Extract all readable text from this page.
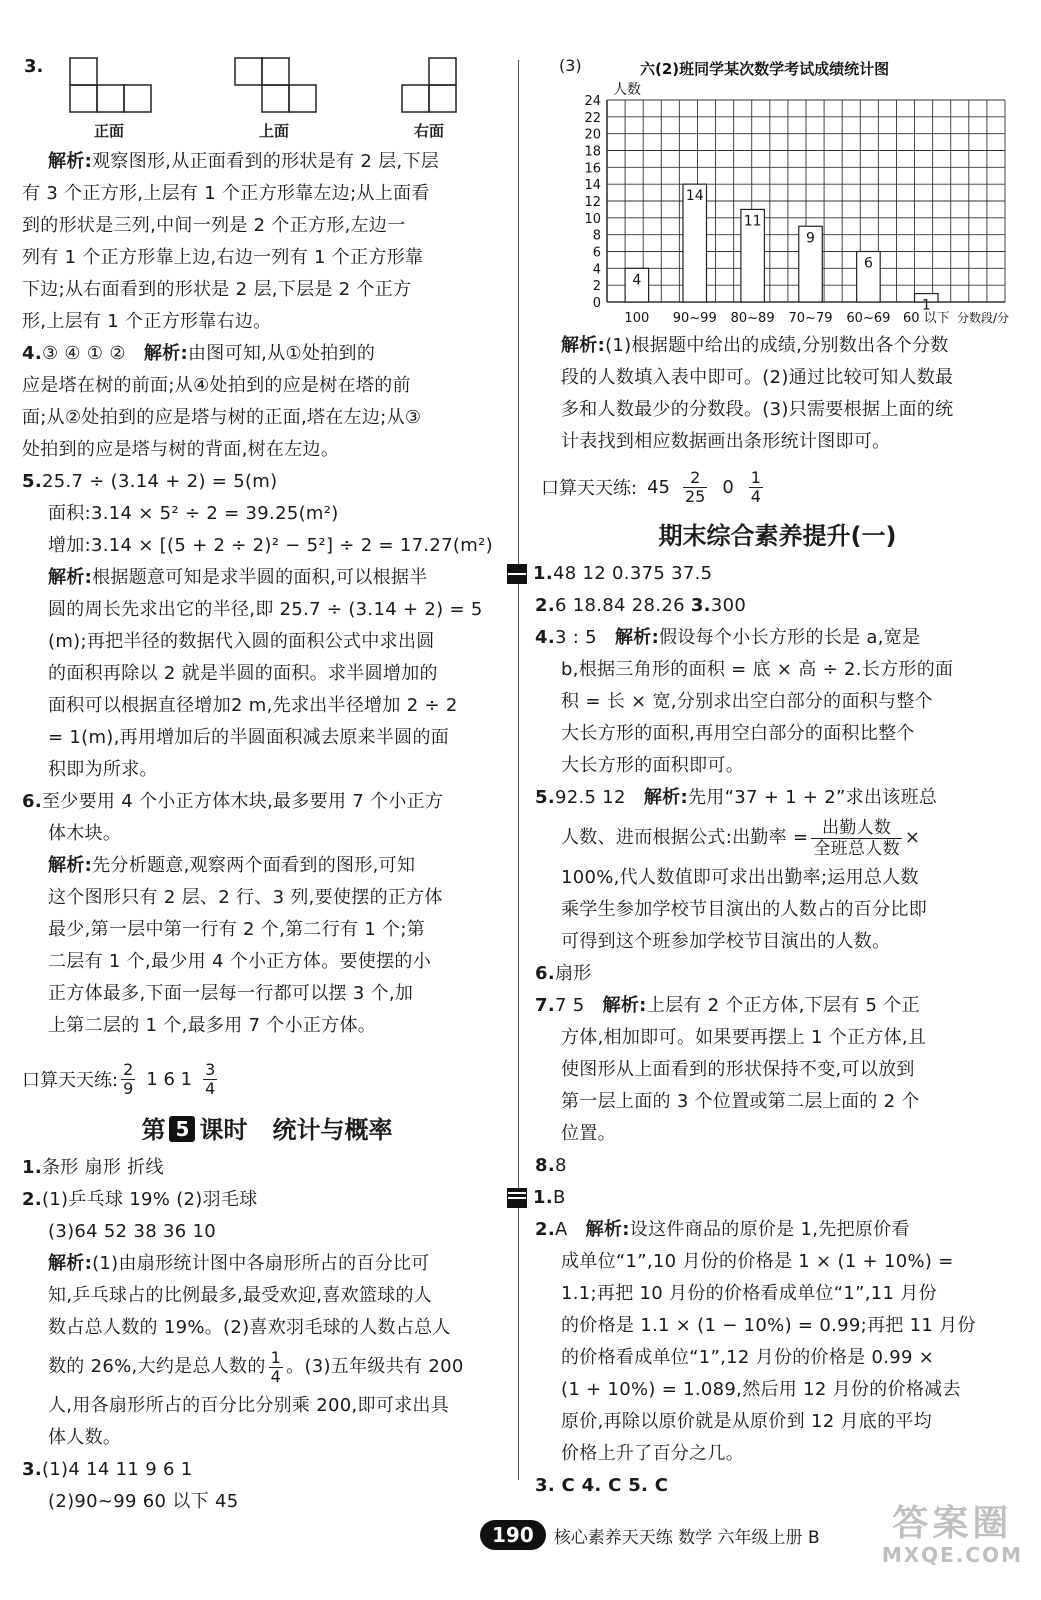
3.
正面	上面	右面
解析:观察图形,从正面看到的形状是有 2 层,下层
有 3 个正方形,上层有 1 个正方形靠左边;从上面看
到的形状是三列,中间一列是 2 个正方形,左边一
列有 1 个正方形靠上边,右边一列有 1 个正方形靠
下边;从右面看到的形状是 2 层,下层是 2 个正方
形,上层有 1 个正方形靠右边。
4.③ ④ ① ② 解析:由图可知,从①处拍到的
应是塔在树的前面;从④处拍到的应是树在塔的前
面;从②处拍到的应是塔与树的正面,塔在左边;从③
处拍到的应是塔与树的背面,树在左边。
5.25.7 ÷ (3.14 + 2) = 5(m)
面积:3.14 × 5² ÷ 2 = 39.25(m²)
增加:3.14 × [(5 + 2 ÷ 2)² − 5²] ÷ 2 = 17.27(m²)
解析:根据题意可知是求半圆的面积,可以根据半
圆的周长先求出它的半径,即 25.7 ÷ (3.14 + 2) = 5
(m);再把半径的数据代入圆的面积公式中求出圆
的面积再除以 2 就是半圆的面积。求半圆增加的
面积可以根据直径增加2 m,先求出半径增加 2 ÷ 2
= 1(m),再用增加后的半圆面积减去原来半圆的面
积即为所求。
6.至少要用 4 个小正方体木块,最多要用 7 个小正方
体木块。
解析:先分析题意,观察两个面看到的图形,可知
这个图形只有 2 层、2 行、3 列,要使摆的正方体
最少,第一层中第一行有 2 个,第二行有 1 个;第
二层有 1 个,最少用 4 个小正方体。要使摆的小
正方体最多,下面一层每一行都可以摆 3 个,加
上第二层的 1 个,最多用 7 个小正方体。
口算天天练: $\frac{2}{9} 1$ 6 $1 \frac{3}{4}$
第 5 课时 统计与概率
1.条形 扇形 折线
2.(1)乒乓球 19% (2)羽毛球
(3)64 52 38 36 10
解析:(1)由扇形统计图中各扇形所占的百分比可
知,乒乓球占的比例最多,最受欢迎,喜欢篮球的人
数占总人数的 19%。(2)喜欢羽毛球的人数占总人
数的 26%,大约是总人数的 $\frac{1}{4}$ 。(3)五年级共有 200
人,用各扇形所占的百分比分别乘 200,即可求出具
体人数。
3.(1)4 14 11 9 6 1
(2)90~99 60 以下 45
(3)	六(2)班同学某次数学考试成绩统计图
人数
0
2
4
6
8
10
12
14
16
18
20
22
24
4
100
14
90~99
11
80~89
9
70~79
6
60~69
1
60 以下 分数段/分
解析:(1)根据题中给出的成绩,分别数出各个分数
段的人数填入表中即可。(2)通过比较可知人数最
多和人数最少的分数段。(3)只需要根据上面的统
计表找到相应数据画出条形统计图即可。
口算天天练: $45 \frac{2}{25} 0 \frac{1}{4}$
期末综合素养提升(一)
1.48 12 0.375 37.5
2.6 18.84 28.26 3.300
4.3 : 5 解析:假设每个小长方形的长是 a,宽是
b,根据三角形的面积 = 底 × 高 ÷ 2.长方形的面
积 = 长 × 宽,分别求出空白部分的面积与整个
大长方形的面积,再用空白部分的面积比整个
大长方形的面积即可。
5.92.5 12 解析:先用“37 + 1 + 2”求出该班总
人数、进而根据公式:出勤率 = $\frac{\text{出勤人数}}{\text{全班总人数}}$ ×
100%,代人数值即可求出出勤率;运用总人数
乘学生参加学校节目演出的人数占的百分比即
可得到这个班参加学校节目演出的人数。
6.扇形
7.7 5 解析:上层有 2 个正方体,下层有 5 个正
方体,相加即可。如果要再摆上 1 个正方体,且
使图形从上面看到的形状保持不变,可以放到
第一层上面的 3 个位置或第二层上面的 2 个
位置。
8.8
1.B
2.A 解析:设这件商品的原价是 1,先把原价看
成单位“1”,10 月份的价格是 1 × (1 + 10%) =
1.1;再把 10 月份的价格看成单位“1”,11 月份
的价格是 1.1 × (1 − 10%) = 0.99;再把 11 月份
的价格看成单位“1”,12 月份的价格是 0.99 ×
(1 + 10%) = 1.089,然后用 12 月份的价格减去
原价,再除以原价就是从原价到 12 月底的平均
价格上升了百分之几。
3. C 4. C 5. C
190	核心素养天天练 数学 六年级上册 B 答案圈
MXQE.COM
